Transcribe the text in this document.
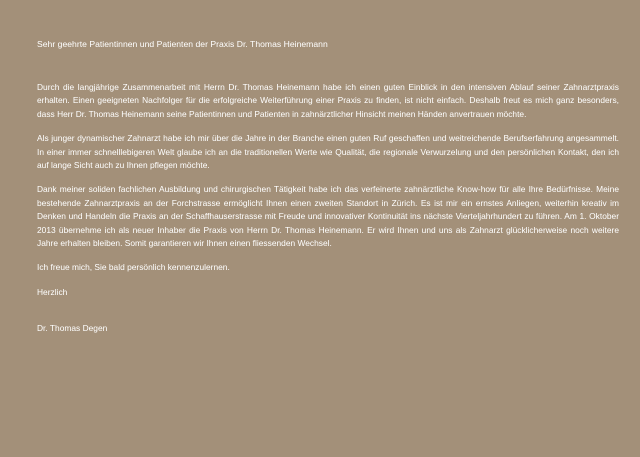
Sehr geehrte Patientinnen und Patienten der Praxis Dr. Thomas Heinemann

Durch die langjährige Zusammenarbeit mit Herrn Dr. Thomas Heinemann habe ich einen guten Einblick in den intensiven Ablauf seiner Zahnarztpraxis erhalten. Einen geeigneten Nachfolger für die erfolgreiche Weiterführung einer Praxis zu finden, ist nicht einfach. Deshalb freut es mich ganz besonders, dass Herr Dr. Thomas Heinemann seine Patientinnen und Patienten in zahnärztlicher Hinsicht meinen Händen anvertrauen möchte.

Als junger dynamischer Zahnarzt habe ich mir über die Jahre in der Branche einen guten Ruf geschaffen und weitreichende Berufserfahrung angesammelt. In einer immer schnelllebigeren Welt glaube ich an die traditionellen Werte wie Qualität, die regionale Verwurzelung und den persönlichen Kontakt, den ich auf lange Sicht auch zu Ihnen pflegen möchte.

Dank meiner soliden fachlichen Ausbildung und chirurgischen Tätigkeit habe ich das verfeinerte zahnärztliche Know-how für alle Ihre Bedürfnisse. Meine bestehende Zahnarztpraxis an der Forchstrasse ermöglicht Ihnen einen zweiten Standort in Zürich. Es ist mir ein ernstes Anliegen, weiterhin kreativ im Denken und Handeln die Praxis an der Schaffhauserstrasse mit Freude und innovativer Kontinuität ins nächste Vierteljahrhundert zu führen. Am 1. Oktober 2013 übernehme ich als neuer Inhaber die Praxis von Herrn Dr. Thomas Heinemann. Er wird Ihnen und uns als Zahnarzt glücklicherweise noch weitere Jahre erhalten bleiben. Somit garantieren wir Ihnen einen fliessenden Wechsel.

Ich freue mich, Sie bald persönlich kennenzulernen.

Herzlich

Dr. Thomas Degen
